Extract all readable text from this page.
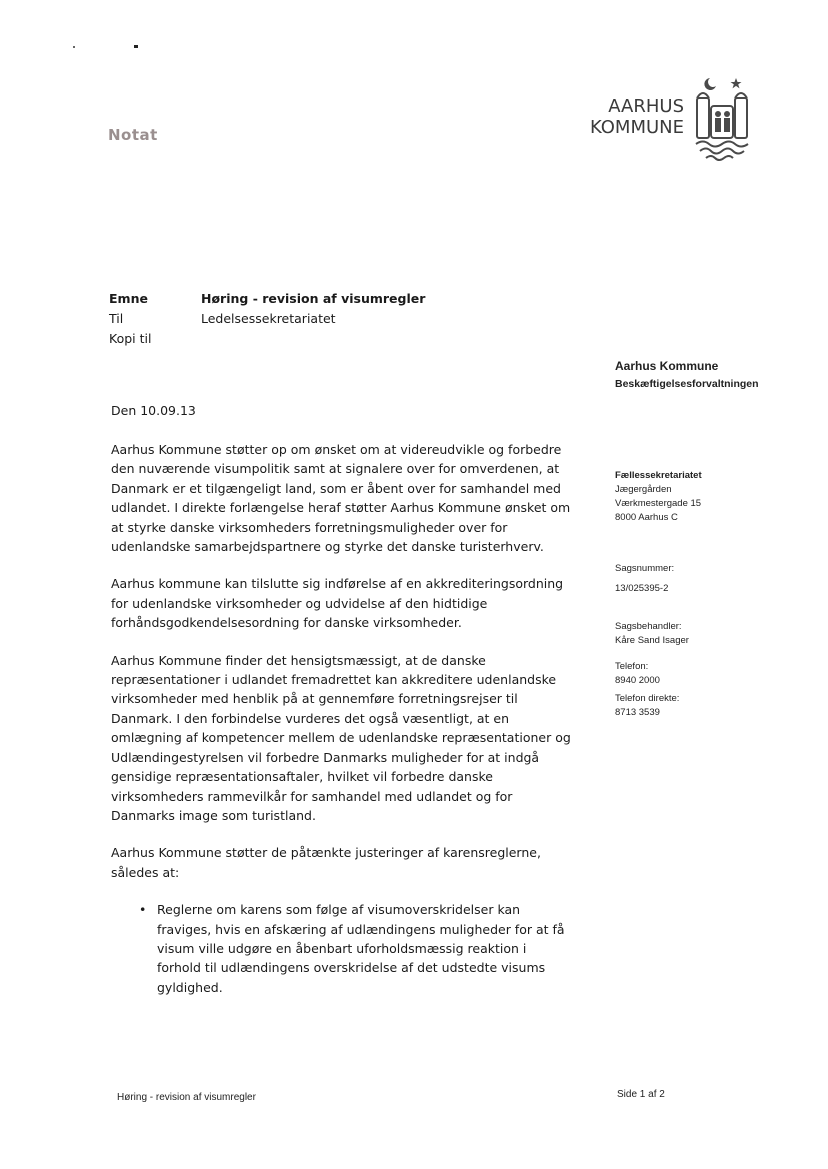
Notat
AARHUS
KOMMUNE
Emne	Høring - revision af visumregler
Til	Ledelsessekretariatet
Kopi til
Aarhus Kommune
Beskæftigelsesforvaltningen
Fællessekretariatet
Jægergården
Værkmestergade 15
8000 Aarhus C
Sagsnummer:
13/025395-2
Sagsbehandler:
Kåre Sand Isager
Telefon:
8940 2000
Telefon direkte:
8713 3539
Den 10.09.13

Aarhus Kommune støtter op om ønsket om at videreudvikle og forbedre den nuværende visumpolitik samt at signalere over for omverdenen, at Danmark er et tilgængeligt land, som er åbent over for samhandel med udlandet. I direkte forlængelse heraf støtter Aarhus Kommune ønsket om at styrke danske virksomheders forretningsmuligheder over for udenlandske samarbejdspartnere og styrke det danske turisterhverv.

Aarhus kommune kan tilslutte sig indførelse af en akkrediteringsordning for udenlandske virksomheder og udvidelse af den hidtidige forhåndsgodkendelsesordning for danske virksomheder.

Aarhus Kommune finder det hensigtsmæssigt, at de danske repræsentationer i udlandet fremadrettet kan akkreditere udenlandske virksomheder med henblik på at gennemføre forretningsrejser til Danmark. I den forbindelse vurderes det også væsentligt, at en omlægning af kompetencer mellem de udenlandske repræsentationer og Udlændingestyrelsen vil forbedre Danmarks muligheder for at indgå gensidige repræsentationsaftaler, hvilket vil forbedre danske virksomheders rammevilkår for samhandel med udlandet og for Danmarks image som turistland.

Aarhus Kommune støtter de påtænkte justeringer af karensreglerne, således at:

• Reglerne om karens som følge af visumoverskridelser kan fraviges, hvis en afskæring af udlændingens muligheder for at få visum ville udgøre en åbenbart uforholdsmæssig reaktion i forhold til udlændingens overskridelse af det udstedte visums gyldighed.
Høring - revision af visumregler	Side 1 af 2
